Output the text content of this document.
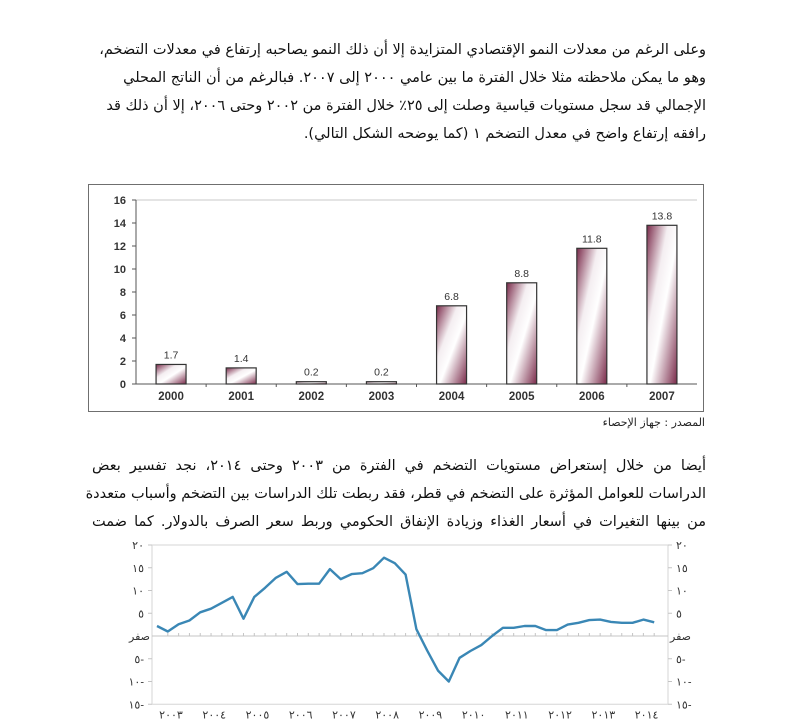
وعلى الرغم من معدلات النمو الإقتصادي المتزايدة إلا أن ذلك النمو يصاحبه إرتفاع في معدلات التضخم،
وهو ما يمكن ملاحظته مثلا خلال الفترة ما بين عامي ٢٠٠٠ إلى ٢٠٠٧. فبالرغم من أن الناتج المحلي
الإجمالي قد سجل مستويات قياسية وصلت إلى ٢٥٪ خلال الفترة من ٢٠٠٢ وحتى ٢٠٠٦، إلا أن ذلك قد
رافقه إرتفاع واضح في معدل التضخم ١ (كما يوضحه الشكل التالي).
0
2
4
6
8
10
12
14
16
1.7
2000
1.4
2001
0.2
2002
0.2
2003
6.8
2004
8.8
2005
11.8
2006
13.8
2007
المصدر : جهاز الإحصاء
أيضا من خلال إستعراض مستويات التضخم في الفترة من ٢٠٠٣ وحتى ٢٠١٤، نجد تفسير بعض
الدراسات للعوامل المؤثرة على التضخم في قطر، فقد ربطت تلك الدراسات بين التضخم وأسباب متعددة
من بينها التغيرات في أسعار الغذاء وزيادة الإنفاق الحكومي وربط سعر الصرف بالدولار. كما ضمت
٢٠	٢٠
١٥	١٥
١٠	١٠
٥	٥
صفر	صفر
٥-	٥-
١٠-	١٠-
١٥-	١٥-
٢٠٠٣ ٢٠٠٤ ٢٠٠٥ ٢٠٠٦ ٢٠٠٧ ٢٠٠٨ ٢٠٠٩ ٢٠١٠ ٢٠١١ ٢٠١٢ ٢٠١٣ ٢٠١٤
